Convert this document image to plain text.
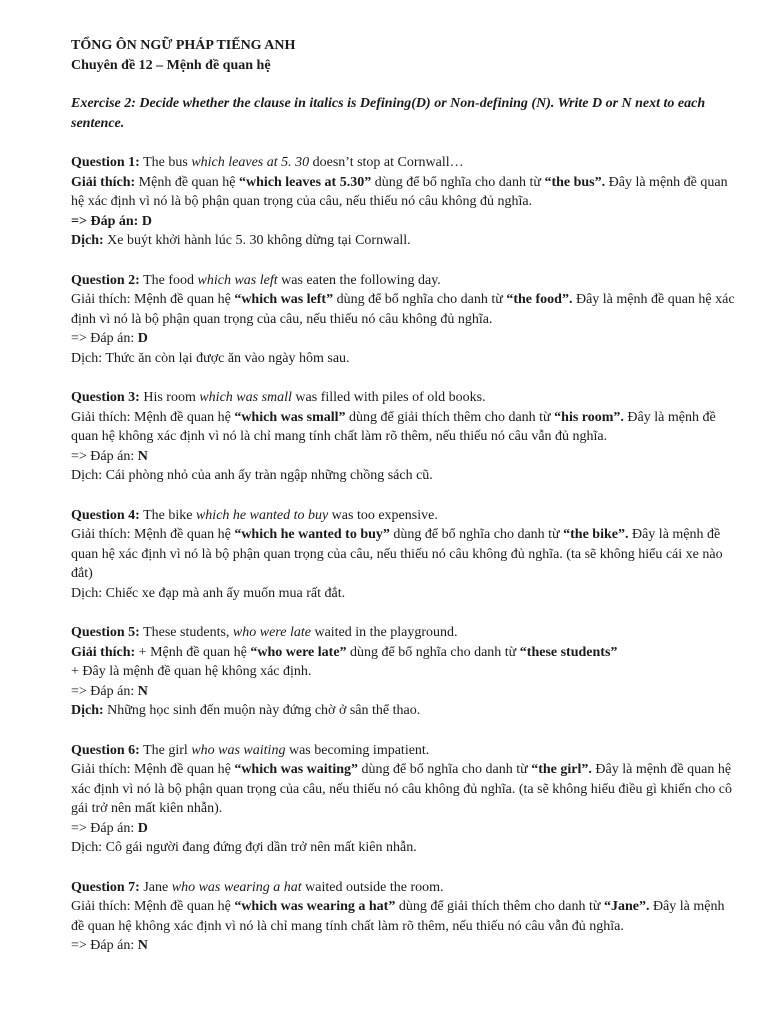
TỔNG ÔN NGỮ PHÁP TIẾNG ANH

Chuyên đề 12 – Mệnh đề quan hệ

Exercise 2: Decide whether the clause in italics is Defining(D) or Non-defining (N). Write D or N next to each sentence.

Question 1: The bus which leaves at 5. 30 doesn’t stop at Cornwall…

Giải thích: Mệnh đề quan hệ “which leaves at 5.30” dùng để bổ nghĩa cho danh từ “the bus”. Đây là mệnh đề quan hệ xác định vì nó là bộ phận quan trọng của câu, nếu thiếu nó câu không đủ nghĩa.

=> Đáp án: D

Dịch: Xe buýt khởi hành lúc 5. 30 không dừng tại Cornwall.

Question 2: The food which was left was eaten the following day.

Giải thích: Mệnh đề quan hệ “which was left” dùng để bổ nghĩa cho danh từ “the food”. Đây là mệnh đề quan hệ xác định vì nó là bộ phận quan trọng của câu, nếu thiếu nó câu không đủ nghĩa.

=> Đáp án: D

Dịch: Thức ăn còn lại được ăn vào ngày hôm sau.

Question 3: His room which was small was filled with piles of old books.

Giải thích: Mệnh đề quan hệ “which was small” dùng để giải thích thêm cho danh từ “his room”. Đây là mệnh đề quan hệ không xác định vì nó là chỉ mang tính chất làm rõ thêm, nếu thiếu nó câu vẫn đủ nghĩa.

=> Đáp án: N

Dịch: Cái phòng nhỏ của anh ấy tràn ngập những chồng sách cũ.

Question 4: The bike which he wanted to buy was too expensive.

Giải thích: Mệnh đề quan hệ “which he wanted to buy” dùng để bổ nghĩa cho danh từ “the bike”. Đây là mệnh đề quan hệ xác định vì nó là bộ phận quan trọng của câu, nếu thiếu nó câu không đủ nghĩa. (ta sẽ không hiểu cái xe nào đắt)

Dịch: Chiếc xe đạp mà anh ấy muốn mua rất đắt.

Question 5: These students, who were late waited in the playground.

Giải thích: + Mệnh đề quan hệ “who were late” dùng để bổ nghĩa cho danh từ “these students”

+ Đây là mệnh đề quan hệ không xác định.

=> Đáp án: N

Dịch: Những học sinh đến muộn này đứng chờ ở sân thể thao.

Question 6: The girl who was waiting was becoming impatient.

Giải thích: Mệnh đề quan hệ “which was waiting” dùng để bổ nghĩa cho danh từ “the girl”. Đây là mệnh đề quan hệ xác định vì nó là bộ phận quan trọng của câu, nếu thiếu nó câu không đủ nghĩa. (ta sẽ không hiểu điều gì khiến cho cô gái trở nên mất kiên nhẫn).

=> Đáp án: D

Dịch: Cô gái người đang đứng đợi dần trở nên mất kiên nhẫn.

Question 7: Jane who was wearing a hat waited outside the room.

Giải thích: Mệnh đề quan hệ “which was wearing a hat” dùng để giải thích thêm cho danh từ “Jane”. Đây là mệnh đề quan hệ không xác định vì nó là chỉ mang tính chất làm rõ thêm, nếu thiếu nó câu vẫn đủ nghĩa.

=> Đáp án: N
